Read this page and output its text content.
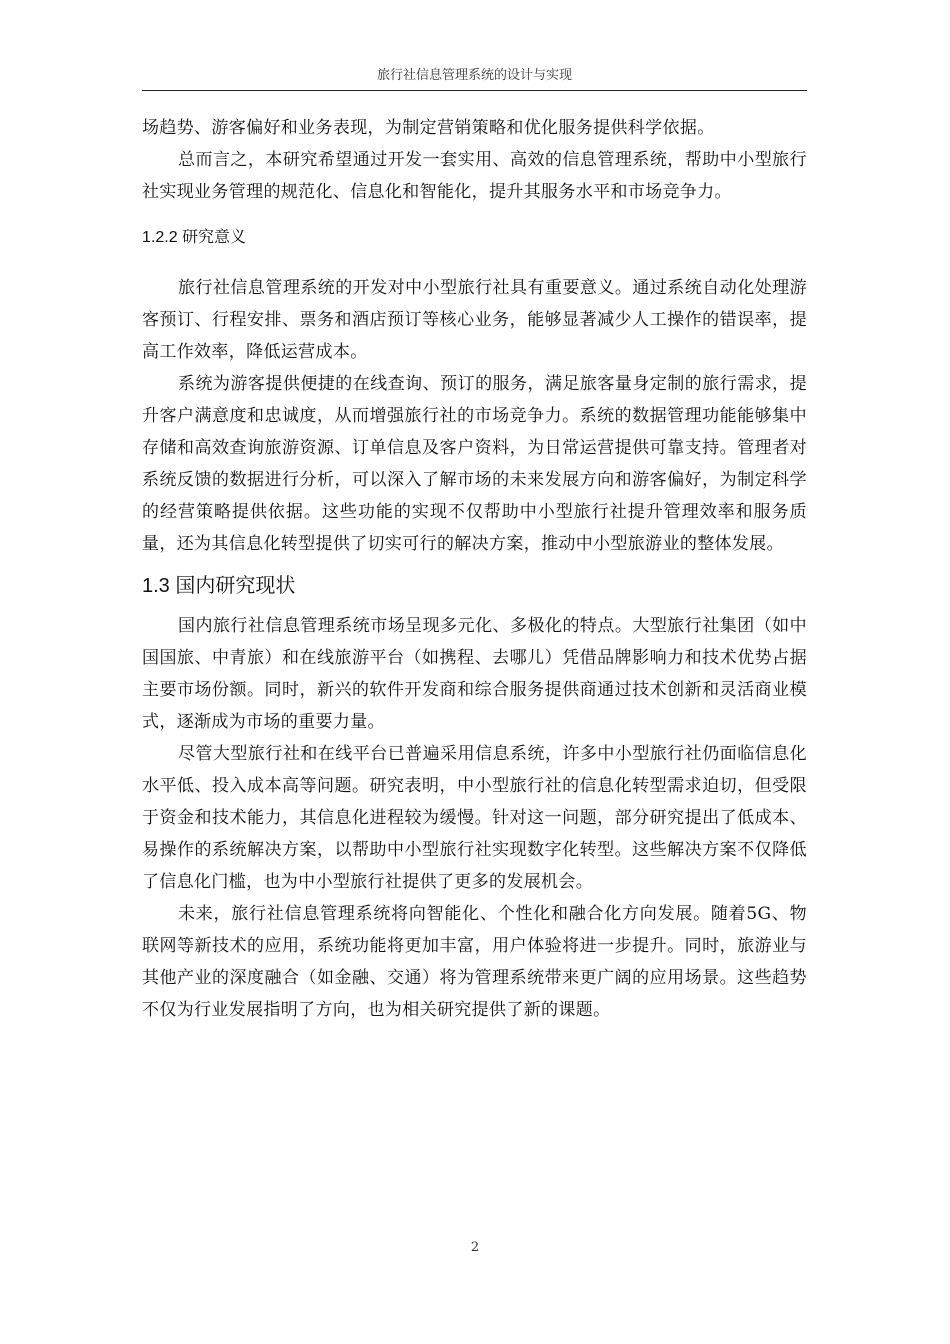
旅行社信息管理系统的设计与实现

场趋势、游客偏好和业务表现，为制定营销策略和优化服务提供科学依据。

总而言之，本研究希望通过开发一套实用、高效的信息管理系统，帮助中小型旅行社实现业务管理的规范化、信息化和智能化，提升其服务水平和市场竞争力。

1.2.2 研究意义

旅行社信息管理系统的开发对中小型旅行社具有重要意义。通过系统自动化处理游客预订、行程安排、票务和酒店预订等核心业务，能够显著减少人工操作的错误率，提高工作效率，降低运营成本。

系统为游客提供便捷的在线查询、预订的服务，满足旅客量身定制的旅行需求，提升客户满意度和忠诚度，从而增强旅行社的市场竞争力。系统的数据管理功能能够集中存储和高效查询旅游资源、订单信息及客户资料，为日常运营提供可靠支持。管理者对系统反馈的数据进行分析，可以深入了解市场的未来发展方向和游客偏好，为制定科学的经营策略提供依据。这些功能的实现不仅帮助中小型旅行社提升管理效率和服务质量，还为其信息化转型提供了切实可行的解决方案，推动中小型旅游业的整体发展。

1.3 国内研究现状

国内旅行社信息管理系统市场呈现多元化、多极化的特点。大型旅行社集团（如中国国旅、中青旅）和在线旅游平台（如携程、去哪儿）凭借品牌影响力和技术优势占据主要市场份额。同时，新兴的软件开发商和综合服务提供商通过技术创新和灵活商业模式，逐渐成为市场的重要力量。

尽管大型旅行社和在线平台已普遍采用信息系统，许多中小型旅行社仍面临信息化水平低、投入成本高等问题。研究表明，中小型旅行社的信息化转型需求迫切，但受限于资金和技术能力，其信息化进程较为缓慢。针对这一问题，部分研究提出了低成本、易操作的系统解决方案，以帮助中小型旅行社实现数字化转型。这些解决方案不仅降低了信息化门槛，也为中小型旅行社提供了更多的发展机会。

未来，旅行社信息管理系统将向智能化、个性化和融合化方向发展。随着5G、物联网等新技术的应用，系统功能将更加丰富，用户体验将进一步提升。同时，旅游业与其他产业的深度融合（如金融、交通）将为管理系统带来更广阔的应用场景。这些趋势不仅为行业发展指明了方向，也为相关研究提供了新的课题。

2
